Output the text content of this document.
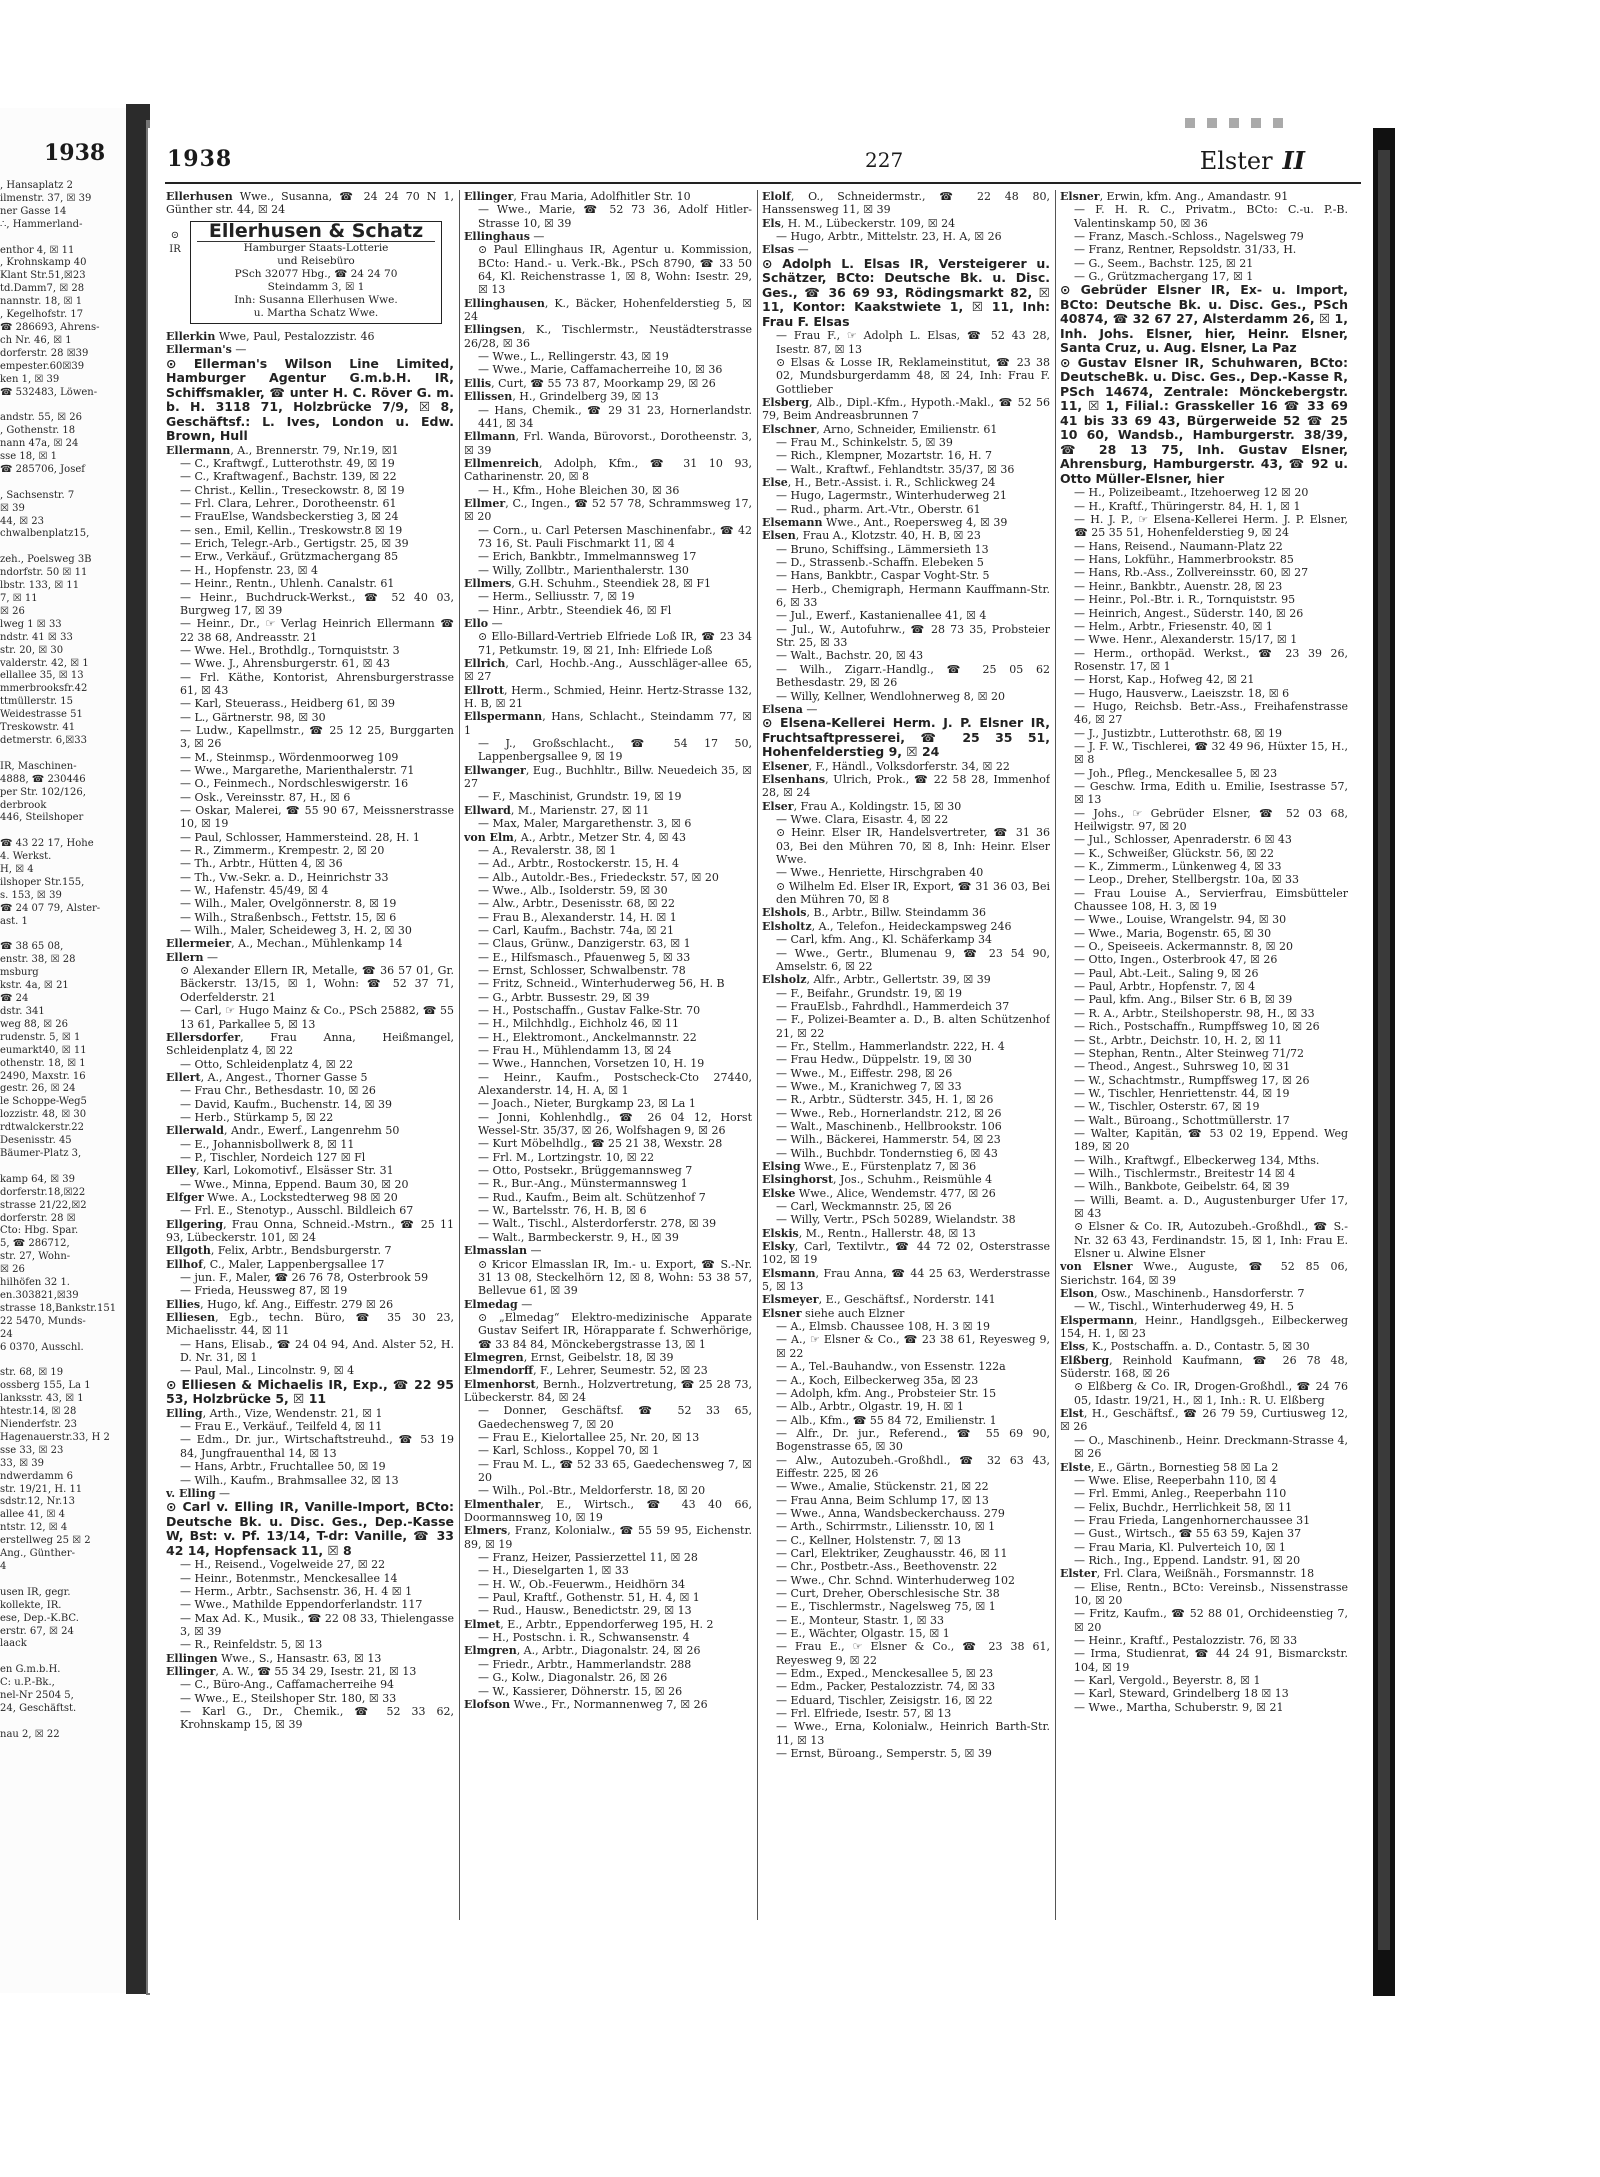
1938
, Hansaplatz 2
ilmenstr. 37, ☒ 39
ner Gasse 14
∴, Hammerland-

enthor 4, ☒ 11
, Krohnskamp 40
Klant Str.51,☒23
td.Damm7, ☒ 28
nannstr. 18, ☒ 1
, Kegelhofstr. 17
☎ 286693, Ahrens-
ch Nr. 46, ☒ 1
dorferstr. 28 ☒39
empester.60☒39
ken 1, ☒ 39
☎ 532483, Löwen-

andstr. 55, ☒ 26
, Gothenstr. 18
nann 47a, ☒ 24
sse 18, ☒ 1
☎ 285706, Josef

, Sachsenstr. 7
☒ 39
44, ☒ 23
chwalbenplatz15,

zeh., Poelsweg 3B
ndorfstr. 50 ☒ 11
lbstr. 133, ☒ 11
7, ☒ 11
☒ 26
lweg 1 ☒ 33
ndstr. 41 ☒ 33
str. 20, ☒ 30
valderstr. 42, ☒ 1
ellallee 35, ☒ 13
mmerbrooksfr.42
ttmüllerstr. 15
Weidestrasse 51
Treskowstr. 41
detmerstr. 6,☒33

IR, Maschinen-
4888, ☎ 230446
per Str. 102/126,
derbrook
446, Steilshoper

☎ 43 22 17, Hohe
4. Werkst.
H, ☒ 4
ilshoper Str.155,
s. 153, ☒ 39
☎ 24 07 79, Alster-
ast. 1

☎ 38 65 08,
enstr. 38, ☒ 28
msburg
kstr. 4a, ☒ 21
☎ 24
dstr. 341
weg 88, ☒ 26
rudenstr. 5, ☒ 1
eumarkt40, ☒ 11
othenstr. 18, ☒ 1
2490, Maxstr. 16
gestr. 26, ☒ 24
le Schoppe-Weg5
lozzistr. 48, ☒ 30
rdtwalckerstr.22
Desenisstr. 45
Bäumer-Platz 3,

kamp 64, ☒ 39
dorferstr.18,☒22
strasse 21/22,☒2
dorferstr. 28 ☒
Cto: Hbg. Spar.
5, ☎ 286712,
str. 27, Wohn-
☒ 26
hilhöfen 32 1.
en.303821,☒39
strasse 18,Bankstr.151
22 5470, Munds-
24
6 0370, Ausschl.

str. 68, ☒ 19
ossberg 155, La 1
lanksstr. 43, ☒ 1
htestr.14, ☒ 28
Nienderfstr. 23
Hagenauerstr.33, H 2
sse 33, ☒ 23
33, ☒ 39
ndwerdamm 6
str. 19/21, H. 11
sdstr.12, Nr.13
allee 41, ☒ 4
ntstr. 12, ☒ 4
erstellweg 25 ☒ 2
Ang., Günther-
4

usen IR, gegr.
kollekte, IR.
ese, Dep.-K.BC.
erstr. 67, ☒ 24
laack

en G.m.b.H.
C: u.P.-Bk.,
nel-Nr 2504 5,
24, Geschäftst.

nau 2, ☒ 22
1938	227	Elster II
Ellerhusen Wwe., Susanna, ☎ 24 24 70 N 1, Günther str. 44, ☒ 24
⊙
IR
Ellerhusen & Schatz
Hamburger Staats-Lotterie
und Reisebüro
PSch 32077 Hbg., ☎ 24 24 70
Steindamm 3, ☒ 1
Inh: Susanna Ellerhusen Wwe.
u. Martha Schatz Wwe.
Ellerkin Wwe, Paul, Pestalozzistr. 46
Ellerman's —
⊙ Ellerman's Wilson Line Limited, Hamburger Agentur G.m.b.H. IR, Schiffsmakler, ☎ unter H. C. Röver G. m. b. H. 3118 71, Holzbrücke 7/9, ☒ 8, Geschäftsf.: L. Ives, London u. Edw. Brown, Hull
Ellermann, A., Brennerstr. 79, Nr.19, ☒1
— C., Kraftwgf., Lutterothstr. 49, ☒ 19
— C., Kraftwagenf., Bachstr. 139, ☒ 22
— Christ., Kellin., Treseckowstr. 8, ☒ 19
— Frl. Clara, Lehrer., Dorotheenstr. 61
— FrauElse, Wandsbeckerstieg 3, ☒ 24
— sen., Emil, Kellin., Treskowstr.8 ☒ 19
— Erich, Telegr.-Arb., Gertigstr. 25, ☒ 39
— Erw., Verkäuf., Grützmachergang 85
— H., Hopfenstr. 23, ☒ 4
— Heinr., Rentn., Uhlenh. Canalstr. 61
— Heinr., Buchdruck-Werkst., ☎ 52 40 03, Burgweg 17, ☒ 39
— Heinr., Dr., ☞ Verlag Heinrich Ellermann ☎ 22 38 68, Andreasstr. 21
— Wwe. Hel., Brothdlg., Tornquiststr. 3
— Wwe. J., Ahrensburgerstr. 61, ☒ 43
— Frl. Käthe, Kontorist, Ahrensburgerstrasse 61, ☒ 43
— Karl, Steuerass., Heidberg 61, ☒ 39
— L., Gärtnerstr. 98, ☒ 30
— Ludw., Kapellmstr., ☎ 25 12 25, Burggarten 3, ☒ 26
— M., Steinmsp., Wördenmoorweg 109
— Wwe., Margarethe, Marienthalerstr. 71
— O., Feinmech., Nordschleswigerstr. 16
— Osk., Vereinsstr. 87, H., ☒ 6
— Oskar, Malerei, ☎ 55 90 67, Meissnerstrasse 10, ☒ 19
— Paul, Schlosser, Hammersteind. 28, H. 1
— R., Zimmerm., Krempestr. 2, ☒ 20
— Th., Arbtr., Hütten 4, ☒ 36
— Th., Vw.-Sekr. a. D., Heinrichstr 33
— W., Hafenstr. 45/49, ☒ 4
— Wilh., Maler, Ovelgönnerstr. 8, ☒ 19
— Wilh., Straßenbsch., Fettstr. 15, ☒ 6
— Wilh., Maler, Scheideweg 3, H. 2, ☒ 30
Ellermeier, A., Mechan., Mühlenkamp 14
Ellern —
⊙ Alexander Ellern IR, Metalle, ☎ 36 57 01, Gr. Bäckerstr. 13/15, ☒ 1, Wohn: ☎ 52 37 71, Oderfelderstr. 21
— Carl, ☞ Hugo Mainz & Co., PSch 25882, ☎ 55 13 61, Parkallee 5, ☒ 13
Ellersdorfer, Frau Anna, Heißmangel, Schleidenplatz 4, ☒ 22
— Otto, Schleidenplatz 4, ☒ 22
Ellert, A., Angest., Thorner Gasse 5
— Frau Chr., Bethesdastr. 10, ☒ 26
— David, Kaufm., Buchenstr. 14, ☒ 39
— Herb., Stürkamp 5, ☒ 22
Ellerwald, Andr., Ewerf., Langenrehm 50
— E., Johannisbollwerk 8, ☒ 11
— P., Tischler, Nordeich 127 ☒ Fl
Elley, Karl, Lokomotivf., Elsässer Str. 31
— Wwe., Minna, Eppend. Baum 30, ☒ 20
Elfger Wwe. A., Lockstedterweg 98 ☒ 20
— Frl. E., Stenotyp., Ausschl. Bildleich 67
Ellgering, Frau Onna, Schneid.-Mstrn., ☎ 25 11 93, Lübeckerstr. 101, ☒ 24
Ellgoth, Felix, Arbtr., Bendsburgerstr. 7
Ellhof, C., Maler, Lappenbergsallee 17
— jun. F., Maler, ☎ 26 76 78, Osterbrook 59
— Frieda, Heussweg 87, ☒ 19
Ellies, Hugo, kf. Ang., Eiffestr. 279 ☒ 26
Elliesen, Egb., techn. Büro, ☎ 35 30 23, Michaelisstr. 44, ☒ 11
— Hans, Elisab., ☎ 24 04 94, And. Alster 52, H. D. Nr. 31, ☒ 1
— Paul, Mal., Lincolnstr. 9, ☒ 4
⊙ Elliesen & Michaelis IR, Exp., ☎ 22 95 53, Holzbrücke 5, ☒ 11
Elling, Arth., Vize, Wendenstr. 21, ☒ 1
— Frau E., Verkäuf., Teilfeld 4, ☒ 11
— Edm., Dr. jur., Wirtschaftstreuhd., ☎ 53 19 84, Jungfrauenthal 14, ☒ 13
— Hans, Arbtr., Fruchtallee 50, ☒ 19
— Wilh., Kaufm., Brahmsallee 32, ☒ 13
v. Elling —
⊙ Carl v. Elling IR, Vanille-Import, BCto: Deutsche Bk. u. Disc. Ges., Dep.-Kasse W, Bst: v. Pf. 13/14, T-dr: Vanille, ☎ 33 42 14, Hopfensack 11, ☒ 8
— H., Reisend., Vogelweide 27, ☒ 22
— Heinr., Botenmstr., Menckesallee 14
— Herm., Arbtr., Sachsenstr. 36, H. 4 ☒ 1
— Wwe., Mathilde Eppendorferlandstr. 117
— Max Ad. K., Musik., ☎ 22 08 33, Thielengasse 3, ☒ 39
— R., Reinfeldstr. 5, ☒ 13
Ellingen Wwe., S., Hansastr. 63, ☒ 13
Ellinger, A. W., ☎ 55 34 29, Isestr. 21, ☒ 13
— C., Büro-Ang., Caffamacherreihe 94
— Wwe., E., Steilshoper Str. 180, ☒ 33
— Karl G., Dr., Chemik., ☎ 52 33 62, Krohnskamp 15, ☒ 39
Ellinger, Frau Maria, Adolfhitler Str. 10
— Wwe., Marie, ☎ 52 73 36, Adolf Hitler-Strasse 10, ☒ 39
Ellinghaus —
⊙ Paul Ellinghaus IR, Agentur u. Kommission, BCto: Hand.- u. Verk.-Bk., PSch 8790, ☎ 33 50 64, Kl. Reichenstrasse 1, ☒ 8, Wohn: Isestr. 29, ☒ 13
Ellinghausen, K., Bäcker, Hohenfelderstieg 5, ☒ 24
Ellingsen, K., Tischlermstr., Neustädterstrasse 26/28, ☒ 36
— Wwe., L., Rellingerstr. 43, ☒ 19
— Wwe., Marie, Caffamacherreihe 10, ☒ 36
Ellis, Curt, ☎ 55 73 87, Moorkamp 29, ☒ 26
Ellissen, H., Grindelberg 39, ☒ 13
— Hans, Chemik., ☎ 29 31 23, Hornerlandstr. 441, ☒ 34
Ellmann, Frl. Wanda, Bürovorst., Dorotheenstr. 3, ☒ 39
Ellmenreich, Adolph, Kfm., ☎ 31 10 93, Catharinenstr. 20, ☒ 8
— H., Kfm., Hohe Bleichen 30, ☒ 36
Ellmer, C., Ingen., ☎ 52 57 78, Schrammsweg 17, ☒ 20
— Corn., u. Carl Petersen Maschinenfabr., ☎ 42 73 16, St. Pauli Fischmarkt 11, ☒ 4
— Erich, Bankbtr., Immelmannsweg 17
— Willy, Zollbtr., Marienthalerstr. 130
Ellmers, G.H. Schuhm., Steendiek 28, ☒ F1
— Herm., Selliusstr. 7, ☒ 19
— Hinr., Arbtr., Steendiek 46, ☒ Fl
Ello —
⊙ Ello-Billard-Vertrieb Elfriede Loß IR, ☎ 23 34 71, Petkumstr. 19, ☒ 21, Inh: Elfriede Loß
Ellrich, Carl, Hochb.-Ang., Ausschläger-allee 65, ☒ 27
Ellrott, Herm., Schmied, Heinr. Hertz-Strasse 132, H. B, ☒ 21
Ellspermann, Hans, Schlacht., Steindamm 77, ☒ 1
— J., Großschlacht., ☎ 54 17 50, Lappenbergsallee 9, ☒ 19
Ellwanger, Eug., Buchhltr., Billw. Neuedeich 35, ☒ 27
— F., Maschinist, Grundstr. 19, ☒ 19
Ellward, M., Marienstr. 27, ☒ 11
— Max, Maler, Margarethenstr. 3, ☒ 6
von Elm, A., Arbtr., Metzer Str. 4, ☒ 43
— A., Revalerstr. 38, ☒ 1
— Ad., Arbtr., Rostockerstr. 15, H. 4
— Alb., Autoldr.-Bes., Friedeckstr. 57, ☒ 20
— Wwe., Alb., Isolderstr. 59, ☒ 30
— Alw., Arbtr., Desenisstr. 68, ☒ 22
— Frau B., Alexanderstr. 14, H. ☒ 1
— Carl, Kaufm., Bachstr. 74a, ☒ 21
— Claus, Grünw., Danzigerstr. 63, ☒ 1
— E., Hilfsmasch., Pfauenweg 5, ☒ 33
— Ernst, Schlosser, Schwalbenstr. 78
— Fritz, Schneid., Winterhuderweg 56, H. B
— G., Arbtr. Bussestr. 29, ☒ 39
— H., Postschaffn., Gustav Falke-Str. 70
— H., Milchhdlg., Eichholz 46, ☒ 11
— H., Elektromont., Anckelmannstr. 22
— Frau H., Mühlendamm 13, ☒ 24
— Wwe., Hannchen, Vorsetzen 10, H. 19
— Heinr., Kaufm., Postscheck-Cto 27440, Alexanderstr. 14, H. A, ☒ 1
— Joach., Nieter, Burgkamp 23, ☒ La 1
— Jonni, Kohlenhdlg., ☎ 26 04 12, Horst Wessel-Str. 35/37, ☒ 26, Wolfshagen 9, ☒ 26
— Kurt Möbelhdlg., ☎ 25 21 38, Wexstr. 28
— Frl. M., Lortzingstr. 10, ☒ 22
— Otto, Postsekr., Brüggemannsweg 7
— R., Bur.-Ang., Münstermannsweg 1
— Rud., Kaufm., Beim alt. Schützenhof 7
— W., Bartelsstr. 76, H. B, ☒ 6
— Walt., Tischl., Alsterdorferstr. 278, ☒ 39
— Walt., Barmbeckerstr. 9, H., ☒ 39
Elmasslan —
⊙ Kricor Elmasslan IR, Im.- u. Export, ☎ S.-Nr. 31 13 08, Steckelhörn 12, ☒ 8, Wohn: 53 38 57, Bellevue 61, ☒ 39
Elmedag —
⊙ „Elmedag“ Elektro-medizinische Apparate Gustav Seifert IR, Hörapparate f. Schwerhörige, ☎ 33 84 84, Mönckebergstrasse 13, ☒ 1
Elmegren, Ernst, Geibelstr. 18, ☒ 39
Elmendorff, F., Lehrer, Seumestr. 52, ☒ 23
Elmenhorst, Bernh., Holzvertretung, ☎ 25 28 73, Lübeckerstr. 84, ☒ 24
— Donner, Geschäftsf. ☎ 52 33 65, Gaedechensweg 7, ☒ 20
— Frau E., Kielortallee 25, Nr. 20, ☒ 13
— Karl, Schloss., Koppel 70, ☒ 1
— Frau M. L., ☎ 52 33 65, Gaedechensweg 7, ☒ 20
— Wilh., Pol.-Btr., Meldorferstr. 18, ☒ 20
Elmenthaler, E., Wirtsch., ☎ 43 40 66, Doormannsweg 10, ☒ 19
Elmers, Franz, Kolonialw., ☎ 55 59 95, Eichenstr. 89, ☒ 19
— Franz, Heizer, Passierzettel 11, ☒ 28
— H., Dieselgarten 1, ☒ 33
— H. W., Ob.-Feuerwm., Heidhörn 34
— Paul, Kraftf., Gothenstr. 51, H. 4, ☒ 1
— Rud., Hausw., Benedictstr. 29, ☒ 13
Elmet, E., Arbtr., Eppendorferweg 195, H. 2
— H., Postschn. i. R., Schwansenstr. 4
Elmgren, A., Arbtr., Diagonalstr. 24, ☒ 26
— Friedr., Arbtr., Hammerlandstr. 288
— G., Kolw., Diagonalstr. 26, ☒ 26
— W., Kassierer, Döhnerstr. 15, ☒ 26
Elofson Wwe., Fr., Normannenweg 7, ☒ 26
Elolf, O., Schneidermstr., ☎ 22 48 80, Hanssensweg 11, ☒ 39
Els, H. M., Lübeckerstr. 109, ☒ 24
— Hugo, Arbtr., Mittelstr. 23, H. A, ☒ 26
Elsas —
⊙ Adolph L. Elsas IR, Versteigerer u. Schätzer, BCto: Deutsche Bk. u. Disc. Ges., ☎ 36 69 93, Rödingsmarkt 82, ☒ 11, Kontor: Kaakstwiete 1, ☒ 11, Inh: Frau F. Elsas
— Frau F., ☞ Adolph L. Elsas, ☎ 52 43 28, Isestr. 87, ☒ 13
⊙ Elsas & Losse IR, Reklameinstitut, ☎ 23 38 02, Mundsburgerdamm 48, ☒ 24, Inh: Frau F. Gottlieber
Elsberg, Alb., Dipl.-Kfm., Hypoth.-Makl., ☎ 52 56 79, Beim Andreasbrunnen 7
Elschner, Arno, Schneider, Emilienstr. 61
— Frau M., Schinkelstr. 5, ☒ 39
— Rich., Klempner, Mozartstr. 16, H. 7
— Walt., Kraftwf., Fehlandtstr. 35/37, ☒ 36
Else, H., Betr.-Assist. i. R., Schlickweg 24
— Hugo, Lagermstr., Winterhuderweg 21
— Rud., pharm. Art.-Vtr., Oberstr. 61
Elsemann Wwe., Ant., Roepersweg 4, ☒ 39
Elsen, Frau A., Klotzstr. 40, H. B, ☒ 23
— Bruno, Schiffsing., Lämmersieth 13
— D., Strassenb.-Schaffn. Elebeken 5
— Hans, Bankbtr., Caspar Voght-Str. 5
— Herb., Chemigraph, Hermann Kauffmann-Str. 6, ☒ 33
— Jul., Ewerf., Kastanienallee 41, ☒ 4
— Jul., W., Autofuhrw., ☎ 28 73 35, Probsteier Str. 25, ☒ 33
— Walt., Bachstr. 20, ☒ 43
— Wilh., Zigarr.-Handlg., ☎ 25 05 62 Bethesdastr. 29, ☒ 26
— Willy, Kellner, Wendlohnerweg 8, ☒ 20
Elsena —
⊙ Elsena-Kellerei Herm. J. P. Elsner IR, Fruchtsaftpresserei, ☎ 25 35 51, Hohenfelderstieg 9, ☒ 24
Elsener, F., Händl., Volksdorferstr. 34, ☒ 22
Elsenhans, Ulrich, Prok., ☎ 22 58 28, Immenhof 28, ☒ 24
Elser, Frau A., Koldingstr. 15, ☒ 30
— Wwe. Clara, Eisastr. 4, ☒ 22
⊙ Heinr. Elser IR, Handelsvertreter, ☎ 31 36 03, Bei den Mühren 70, ☒ 8, Inh: Heinr. Elser Wwe.
— Wwe., Henriette, Hirschgraben 40
⊙ Wilhelm Ed. Elser IR, Export, ☎ 31 36 03, Bei den Mühren 70, ☒ 8
Elshols, B., Arbtr., Billw. Steindamm 36
Elsholtz, A., Telefon., Heideckampsweg 246
— Carl, kfm. Ang., Kl. Schäferkamp 34
— Wwe., Gertr., Blumenau 9, ☎ 23 54 90, Amselstr. 6, ☒ 22
Elsholz, Alfr., Arbtr., Gellertstr. 39, ☒ 39
— F., Beifahr., Grundstr. 19, ☒ 19
— FrauElsb., Fahrdhdl., Hammerdeich 37
— F., Polizei-Beamter a. D., B. alten Schützenhof 21, ☒ 22
— Fr., Stellm., Hammerlandstr. 222, H. 4
— Frau Hedw., Düppelstr. 19, ☒ 30
— Wwe., M., Eiffestr. 298, ☒ 26
— Wwe., M., Kranichweg 7, ☒ 33
— R., Arbtr., Südterstr. 345, H. 1, ☒ 26
— Wwe., Reb., Hornerlandstr. 212, ☒ 26
— Walt., Maschinenb., Hellbrookstr. 106
— Wilh., Bäckerei, Hammerstr. 54, ☒ 23
— Wilh., Buchbdr. Tondernstieg 6, ☒ 43
Elsing Wwe., E., Fürstenplatz 7, ☒ 36
Elsinghorst, Jos., Schuhm., Reismühle 4
Elske Wwe., Alice, Wendemstr. 477, ☒ 26
— Carl, Weckmannstr. 25, ☒ 26
— Willy, Vertr., PSch 50289, Wielandstr. 38
Elskis, M., Rentn., Hallerstr. 48, ☒ 13
Elsky, Carl, Textilvtr., ☎ 44 72 02, Osterstrasse 102, ☒ 19
Elsmann, Frau Anna, ☎ 44 25 63, Werderstrasse 5, ☒ 13
Elsmeyer, E., Geschäftsf., Norderstr. 141
Elsner siehe auch Elzner
— A., Elmsb. Chaussee 108, H. 3 ☒ 19
— A., ☞ Elsner & Co., ☎ 23 38 61, Reyesweg 9, ☒ 22
— A., Tel.-Bauhandw., von Essenstr. 122a
— A., Koch, Eilbeckerweg 35a, ☒ 23
— Adolph, kfm. Ang., Probsteier Str. 15
— Alb., Arbtr., Olgastr. 19, H. ☒ 1
— Alb., Kfm., ☎ 55 84 72, Emilienstr. 1
— Alfr., Dr. jur., Referend., ☎ 55 69 90, Bogenstrasse 65, ☒ 30
— Alw., Autozubeh.-Großhdl., ☎ 32 63 43, Eiffestr. 225, ☒ 26
— Wwe., Amalie, Stückenstr. 21, ☒ 22
— Frau Anna, Beim Schlump 17, ☒ 13
— Wwe., Anna, Wandsbeckerchauss. 279
— Arth., Schirrmstr., Liliensstr. 10, ☒ 1
— C., Kellner, Holstenstr. 7, ☒ 13
— Carl, Elektriker, Zeughausstr. 46, ☒ 11
— Chr., Postbetr.-Ass., Beethovenstr. 22
— Wwe., Chr. Schnd. Winterhuderweg 102
— Curt, Dreher, Oberschlesische Str. 38
— E., Tischlermstr., Nagelsweg 75, ☒ 1
— E., Monteur, Stastr. 1, ☒ 33
— E., Wächter, Olgastr. 15, ☒ 1
— Frau E., ☞ Elsner & Co., ☎ 23 38 61, Reyesweg 9, ☒ 22
— Edm., Exped., Menckesallee 5, ☒ 23
— Edm., Packer, Pestalozzistr. 74, ☒ 33
— Eduard, Tischler, Zeisigstr. 16, ☒ 22
— Frl. Elfriede, Isestr. 57, ☒ 13
— Wwe., Erna, Kolonialw., Heinrich Barth-Str. 11, ☒ 13
— Ernst, Büroang., Semperstr. 5, ☒ 39
Elsner, Erwin, kfm. Ang., Amandastr. 91
— F. H. R. C., Privatm., BCto: C.-u. P.-B. Valentinskamp 50, ☒ 36
— Franz, Masch.-Schloss., Nagelsweg 79
— Franz, Rentner, Repsoldstr. 31/33, H.
— G., Seem., Bachstr. 125, ☒ 21
— G., Grützmachergang 17, ☒ 1
⊙ Gebrüder Elsner IR, Ex- u. Import, BCto: Deutsche Bk. u. Disc. Ges., PSch 40874, ☎ 32 67 27, Alsterdamm 26, ☒ 1, Inh. Johs. Elsner, hier, Heinr. Elsner, Santa Cruz, u. Aug. Elsner, La Paz
⊙ Gustav Elsner IR, Schuhwaren, BCto: DeutscheBk. u. Disc. Ges., Dep.-Kasse R, PSch 14674, Zentrale: Mönckebergstr. 11, ☒ 1, Filial.: Grasskeller 16 ☎ 33 69 41 bis 33 69 43, Bürgerweide 52 ☎ 25 10 60, Wandsb., Hamburgerstr. 38/39, ☎ 28 13 75, Inh. Gustav Elsner, Ahrensburg, Hamburgerstr. 43, ☎ 92 u. Otto Müller-Elsner, hier
— H., Polizeibeamt., Itzehoerweg 12 ☒ 20
— H., Kraftf., Thüringerstr. 84, H. 1, ☒ 1
— H. J. P., ☞ Elsena-Kellerei Herm. J. P. Elsner, ☎ 25 35 51, Hohenfelderstieg 9, ☒ 24
— Hans, Reisend., Naumann-Platz 22
— Hans, Lokführ., Hammerbrookstr. 85
— Hans, Rb.-Ass., Zollvereinsstr. 60, ☒ 27
— Heinr., Bankbtr., Auenstr. 28, ☒ 23
— Heinr., Pol.-Btr. i. R., Tornquiststr. 95
— Heinrich, Angest., Süderstr. 140, ☒ 26
— Helm., Arbtr., Friesenstr. 40, ☒ 1
— Wwe. Henr., Alexanderstr. 15/17, ☒ 1
— Herm., orthopäd. Werkst., ☎ 23 39 26, Rosenstr. 17, ☒ 1
— Horst, Kap., Hofweg 42, ☒ 21
— Hugo, Hausverw., Laeiszstr. 18, ☒ 6
— Hugo, Reichsb. Betr.-Ass., Freihafenstrasse 46, ☒ 27
— J., Justizbtr., Lutterothstr. 68, ☒ 19
— J. F. W., Tischlerei, ☎ 32 49 96, Hüxter 15, H., ☒ 8
— Joh., Pfleg., Menckesallee 5, ☒ 23
— Geschw. Irma, Edith u. Emilie, Isestrasse 57, ☒ 13
— Johs., ☞ Gebrüder Elsner, ☎ 52 03 68, Heilwigstr. 97, ☒ 20
— Jul., Schlosser, Apenraderstr. 6 ☒ 43
— K., Schweißer, Glückstr. 56, ☒ 22
— K., Zimmerm., Lünkenweg 4, ☒ 33
— Leop., Dreher, Stellbergstr. 10a, ☒ 33
— Frau Louise A., Servierfrau, Eimsbütteler Chaussee 108, H. 3, ☒ 19
— Wwe., Louise, Wrangelstr. 94, ☒ 30
— Wwe., Maria, Bogenstr. 65, ☒ 30
— O., Speiseeis. Ackermannstr. 8, ☒ 20
— Otto, Ingen., Osterbrook 47, ☒ 26
— Paul, Abt.-Leit., Saling 9, ☒ 26
— Paul, Arbtr., Hopfenstr. 7, ☒ 4
— Paul, kfm. Ang., Bilser Str. 6 B, ☒ 39
— R. A., Arbtr., Steilshoperstr. 98, H., ☒ 33
— Rich., Postschaffn., Rumpffsweg 10, ☒ 26
— St., Arbtr., Deichstr. 10, H. 2, ☒ 11
— Stephan, Rentn., Alter Steinweg 71/72
— Theod., Angest., Suhrsweg 10, ☒ 31
— W., Schachtmstr., Rumpffsweg 17, ☒ 26
— W., Tischler, Henriettenstr. 44, ☒ 19
— W., Tischler, Osterstr. 67, ☒ 19
— Walt., Büroang., Schottmüllerstr. 17
— Walter, Kapitän, ☎ 53 02 19, Eppend. Weg 189, ☒ 20
— Wilh., Kraftwgf., Elbeckerweg 134, Mths.
— Wilh., Tischlermstr., Breitestr 14 ☒ 4
— Wilh., Bankbote, Geibelstr. 64, ☒ 39
— Willi, Beamt. a. D., Augustenburger Ufer 17, ☒ 43
⊙ Elsner & Co. IR, Autozubeh.-Großhdl., ☎ S.-Nr. 32 63 43, Ferdinandstr. 15, ☒ 1, Inh: Frau E. Elsner u. Alwine Elsner
von Elsner Wwe., Auguste, ☎ 52 85 06, Sierichstr. 164, ☒ 39
Elson, Osw., Maschinenb., Hansdorferstr. 7
— W., Tischl., Winterhuderweg 49, H. 5
Elspermann, Heinr., Handlgsgeh., Eilbeckerweg 154, H. 1, ☒ 23
Elss, K., Postschaffn. a. D., Contastr. 5, ☒ 30
Elßberg, Reinhold Kaufmann, ☎ 26 78 48, Süderstr. 168, ☒ 26
⊙ Elßberg & Co. IR, Drogen-Großhdl., ☎ 24 76 05, Idastr. 19/21, H., ☒ 1, Inh.: R. U. Elßberg
Elst, H., Geschäftsf., ☎ 26 79 59, Curtiusweg 12, ☒ 26
— O., Maschinenb., Heinr. Dreckmann-Strasse 4, ☒ 26
Elste, E., Gärtn., Bornestieg 58 ☒ La 2
— Wwe. Elise, Reeperbahn 110, ☒ 4
— Frl. Emmi, Anleg., Reeperbahn 110
— Felix, Buchdr., Herrlichkeit 58, ☒ 11
— Frau Frieda, Langenhornerchaussee 31
— Gust., Wirtsch., ☎ 55 63 59, Kajen 37
— Frau Maria, Kl. Pulverteich 10, ☒ 1
— Rich., Ing., Eppend. Landstr. 91, ☒ 20
Elster, Frl. Clara, Weißnäh., Forsmannstr. 18
— Elise, Rentn., BCto: Vereinsb., Nissenstrasse 10, ☒ 20
— Fritz, Kaufm., ☎ 52 88 01, Orchideenstieg 7, ☒ 20
— Heinr., Kraftf., Pestalozzistr. 76, ☒ 33
— Irma, Studienrat, ☎ 44 24 91, Bismarckstr. 104, ☒ 19
— Karl, Vergold., Beyerstr. 8, ☒ 1
— Karl, Steward, Grindelberg 18 ☒ 13
— Wwe., Martha, Schuberstr. 9, ☒ 21
